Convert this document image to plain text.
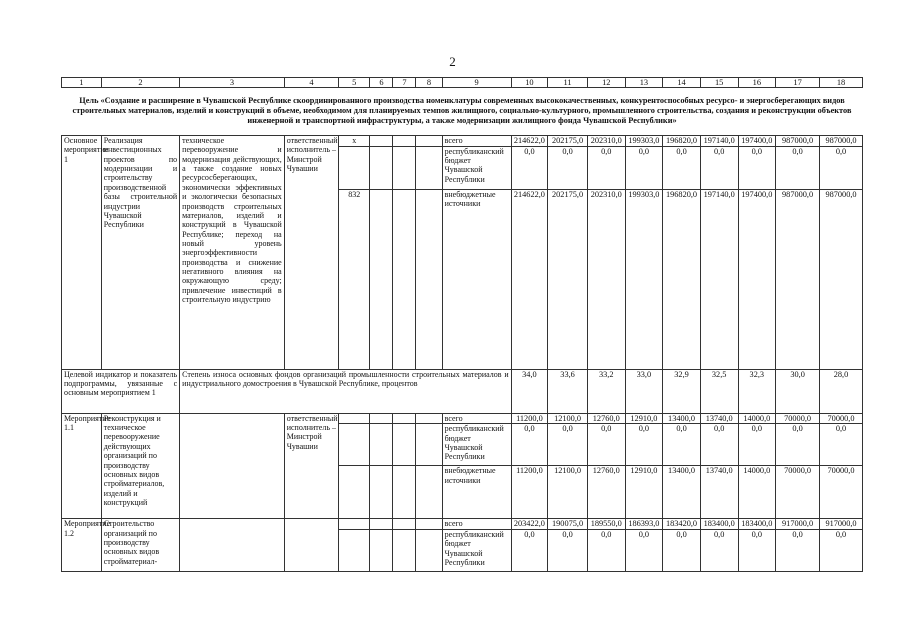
2
1	2	3	4	5	6	7	8	9	10	11	12	13	14	15	16	17	18
Цель «Создание и расширение в Чувашской Республике скоординированного производства номенклатуры современных высококачественных, конкурентоспособных ресурсо- и энергосберегающих видов строительных материалов, изделий и конструкций в объеме, необходимом для планируемых темпов жилищного, социально-культурного, промышленного строительства, создания и реконструкции объектов инженерной и транспортной инфраструктуры, а также модернизации жилищного фонда Чувашской Республики»
Основное мероприятие 1	Реализация инвестиционных проектов по модернизации и строительству производственной базы строительной индустрии Чувашской Республики	техническое перевооружение и модернизация действующих, а также создание новых ресурсосберегающих, экономически эффективных и экологически безопасных производств строительных материалов, изделий и конструкций в Чувашской Республике; переход на новый уровень энергоэффективности производства и снижение негативного влияния на окружающую среду; привлечение инвестиций в строительную индустрию	ответственный исполнитель – Минстрой Чувашии	x				всего	214622,0	202175,0	202310,0	199303,0	196820,0	197140,0	197400,0	987000,0	987000,0
								республиканский бюджет Чувашской Республики	0,0	0,0	0,0	0,0	0,0	0,0	0,0	0,0	0,0
				832				внебюджетные источники	214622,0	202175,0	202310,0	199303,0	196820,0	197140,0	197400,0	987000,0	987000,0
Целевой индикатор и показатель подпрограммы, увязанные с основным мероприятием 1		Степень износа основных фондов организаций промышленности строительных материалов и индустриального домостроения в Чувашской Республике, процентов							34,0	33,6	33,2	33,0	32,9	32,5	32,3	30,0	28,0
Мероприятие 1.1	Реконструкция и техническое перевооружение действующих организаций по производству основных видов стройматериалов, изделий и конструкций		ответственный исполнитель – Минстрой Чувашии					всего	11200,0	12100,0	12760,0	12910,0	13400,0	13740,0	14000,0	70000,0	70000,0
								республиканский бюджет Чувашской Республики	0,0	0,0	0,0	0,0	0,0	0,0	0,0	0,0	0,0
								внебюджетные источники	11200,0	12100,0	12760,0	12910,0	13400,0	13740,0	14000,0	70000,0	70000,0
Мероприятие 1.2	Строительство организаций по производству основных видов стройматериал-							всего	203422,0	190075,0	189550,0	186393,0	183420,0	183400,0	183400,0	917000,0	917000,0
								республиканский бюджет Чувашской Республики	0,0	0,0	0,0	0,0	0,0	0,0	0,0	0,0	0,0
